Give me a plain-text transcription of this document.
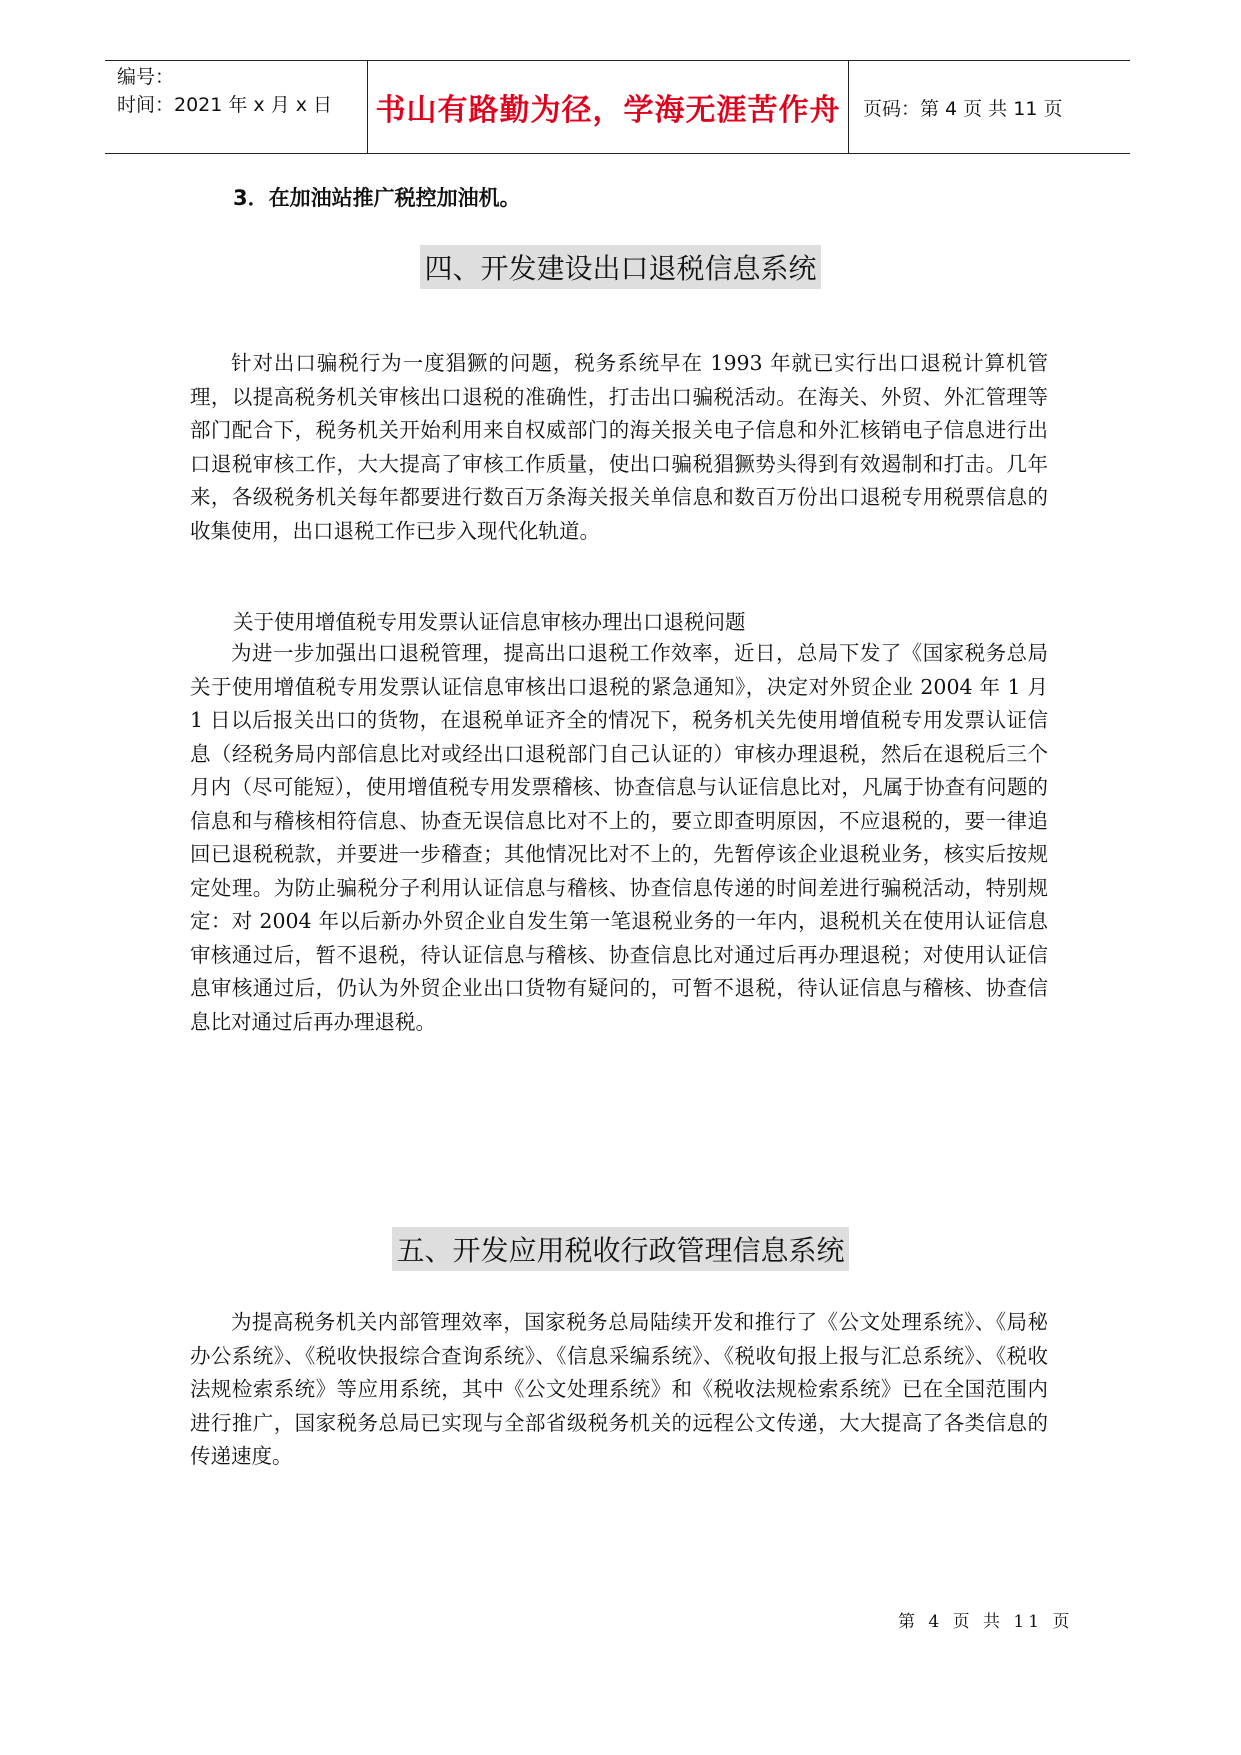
编号：
时间：2021 年 x 月 x 日	书山有路勤为径，学海无涯苦作舟	页码：第 4 页 共 11 页
3．在加油站推广税控加油机。
四、开发建设出口退税信息系统

针对出口骗税行为一度猖獗的问题，税务系统早在 1993 年就已实行出口退税计算机管理，以提高税务机关审核出口退税的准确性，打击出口骗税活动。在海关、外贸、外汇管理等部门配合下，税务机关开始利用来自权威部门的海关报关电子信息和外汇核销电子信息进行出口退税审核工作，大大提高了审核工作质量，使出口骗税猖獗势头得到有效遏制和打击。几年来，各级税务机关每年都要进行数百万条海关报关单信息和数百万份出口退税专用税票信息的收集使用，出口退税工作已步入现代化轨道。

关于使用增值税专用发票认证信息审核办理出口退税问题

为进一步加强出口退税管理，提高出口退税工作效率，近日，总局下发了《国家税务总局关于使用增值税专用发票认证信息审核出口退税的紧急通知》，决定对外贸企业 2004 年 1 月 1 日以后报关出口的货物，在退税单证齐全的情况下，税务机关先使用增值税专用发票认证信息（经税务局内部信息比对或经出口退税部门自己认证的）审核办理退税，然后在退税后三个月内（尽可能短），使用增值税专用发票稽核、协查信息与认证信息比对，凡属于协查有问题的信息和与稽核相符信息、协查无误信息比对不上的，要立即查明原因，不应退税的，要一律追回已退税税款，并要进一步稽查；其他情况比对不上的，先暂停该企业退税业务，核实后按规定处理。为防止骗税分子利用认证信息与稽核、协查信息传递的时间差进行骗税活动，特别规定：对 2004 年以后新办外贸企业自发生第一笔退税业务的一年内，退税机关在使用认证信息审核通过后，暂不退税，待认证信息与稽核、协查信息比对通过后再办理退税；对使用认证信息审核通过后，仍认为外贸企业出口货物有疑问的，可暂不退税，待认证信息与稽核、协查信息比对通过后再办理退税。

五、开发应用税收行政管理信息系统

为提高税务机关内部管理效率，国家税务总局陆续开发和推行了《公文处理系统》、《局秘办公系统》、《税收快报综合查询系统》、《信息采编系统》、《税收旬报上报与汇总系统》、《税收法规检索系统》等应用系统，其中《公文处理系统》和《税收法规检索系统》已在全国范围内进行推广，国家税务总局已实现与全部省级税务机关的远程公文传递，大大提高了各类信息的传递速度。

第 4 页 共 11 页
